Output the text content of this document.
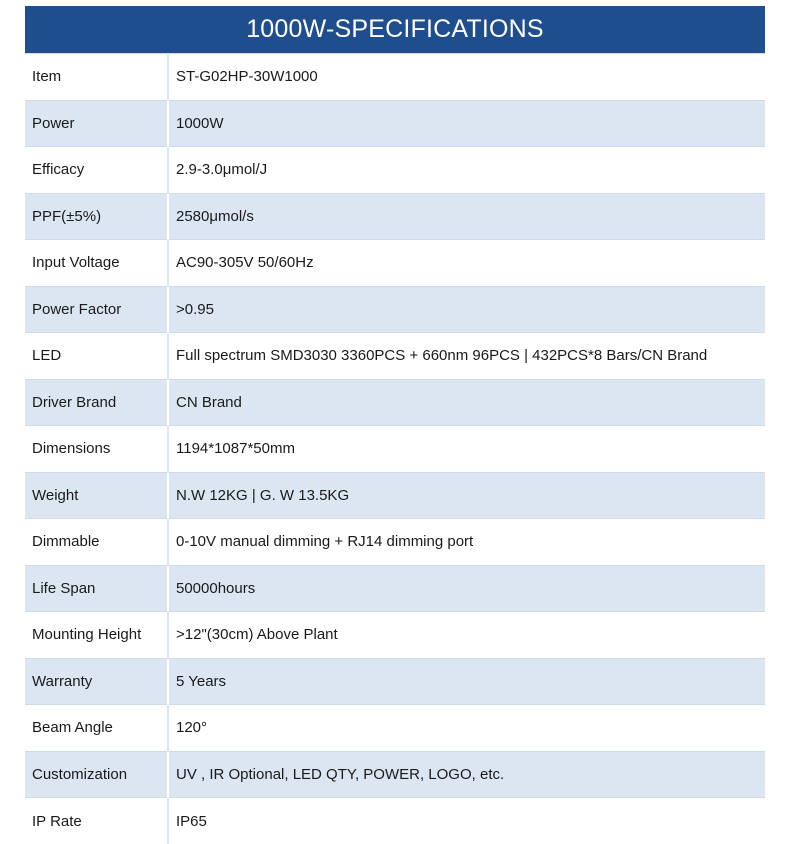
1000W-SPECIFICATIONS
Item	ST-G02HP-30W1000
Power	1000W
Efficacy	2.9-3.0μmol/J
PPF(±5%)	2580μmol/s
Input Voltage	AC90-305V 50/60Hz
Power Factor	>0.95
LED	Full spectrum SMD3030 3360PCS + 660nm 96PCS | 432PCS*8 Bars/CN Brand
Driver Brand	CN Brand
Dimensions	1194*1087*50mm
Weight	N.W 12KG | G. W 13.5KG
Dimmable	0-10V manual dimming + RJ14 dimming port
Life Span	50000hours
Mounting Height	>12"(30cm) Above Plant
Warranty	5 Years
Beam Angle	120°
Customization	UV , IR Optional, LED QTY, POWER, LOGO, etc.
IP Rate	IP65
